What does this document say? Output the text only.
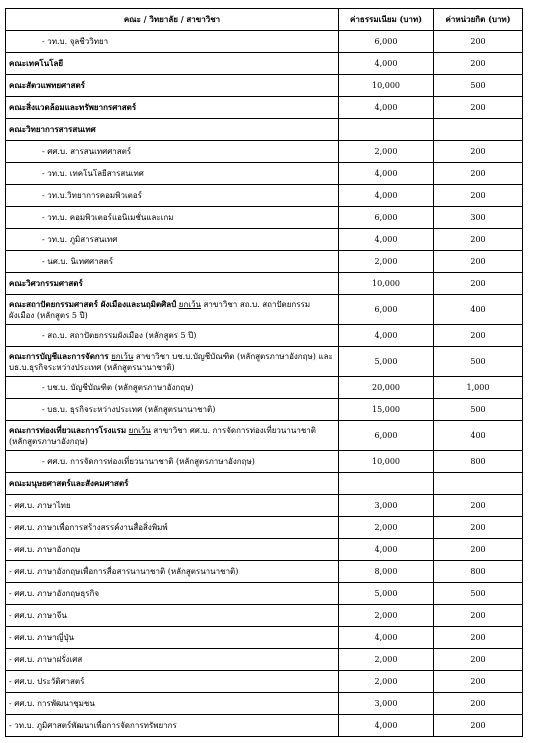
คณะ / วิทยาลัย / สาขาวิชา	ค่าธรรมเนียม (บาท)	ค่าหน่วยกิต (บาท)
- วท.บ. จุลชีววิทยา	6,000	200
คณะเทคโนโลยี	4,000	200
คณะสัตวแพทยศาสตร์	10,000	500
คณะสิ่งแวดล้อมและทรัพยากรศาสตร์	4,000	200
คณะวิทยาการสารสนเทศ		
- ศศ.บ. สารสนเทศศาสตร์	2,000	200
- วท.บ. เทคโนโลยีสารสนเทศ	4,000	200
- วท.บ.วิทยาการคอมพิวเตอร์	4,000	200
- วท.บ. คอมพิวเตอร์แอนิเมชั่นและเกม	6,000	300
- วท.บ. ภูมิสารสนเทศ	4,000	200
- นศ.บ. นิเทศศาสตร์	2,000	200
คณะวิศวกรรมศาสตร์	10,000	200
คณะสถาปัตยกรรมศาสตร์ ผังเมืองและนฤมิตศิลป์ ยกเว้น สาขาวิชา สถ.บ. สถาปัตยกรรมผังเมือง (หลักสูตร 5 ปี)	6,000	400
- สถ.บ. สถาปัตยกรรมผังเมือง (หลักสูตร 5 ปี)	4,000	200
คณะการบัญชีและการจัดการ ยกเว้น สาขาวิชา บช.บ.บัญชีบัณฑิต (หลักสูตรภาษาอังกฤษ) และบธ.บ.ธุรกิจระหว่างประเทศ (หลักสูตรนานาชาติ)	5,000	500
- บช.บ. บัญชีบัณฑิต (หลักสูตรภาษาอังกฤษ)	20,000	1,000
- บธ.บ. ธุรกิจระหว่างประเทศ (หลักสูตรนานาชาติ)	15,000	500
คณะการท่องเที่ยวและการโรงแรม ยกเว้น สาขาวิชา ศศ.บ. การจัดการท่องเที่ยวนานาชาติ (หลักสูตรภาษาอังกฤษ)	6,000	400
- ศศ.บ. การจัดการท่องเที่ยวนานาชาติ (หลักสูตรภาษาอังกฤษ)	10,000	800
คณะมนุษยศาสตร์และสังคมศาสตร์		
- ศศ.บ. ภาษาไทย	3,000	200
- ศศ.บ. ภาษาเพื่อการสร้างสรรค์งานสื่อสิ่งพิมพ์	2,000	200
- ศศ.บ. ภาษาอังกฤษ	4,000	200
- ศศ.บ. ภาษาอังกฤษเพื่อการสื่อสารนานาชาติ (หลักสูตรนานาชาติ)	8,000	800
- ศศ.บ. ภาษาอังกฤษธุรกิจ	5,000	500
- ศศ.บ. ภาษาจีน	2,000	200
- ศศ.บ. ภาษาญี่ปุ่น	4,000	200
- ศศ.บ. ภาษาฝรั่งเศส	2,000	200
- ศศ.บ. ประวัติศาสตร์	2,000	200
- ศศ.บ. การพัฒนาชุมชน	3,000	200
- วท.บ. ภูมิศาสตร์พัฒนาเพื่อการจัดการทรัพยากร	4,000	200
